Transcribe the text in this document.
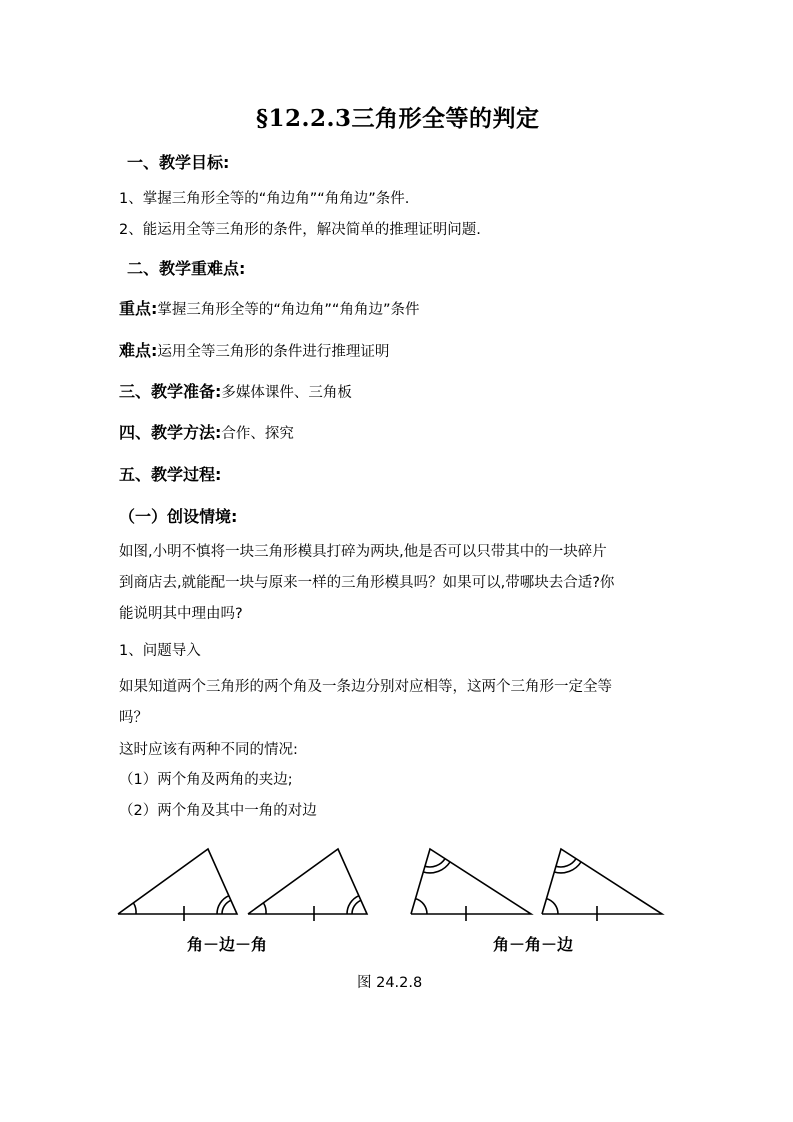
§12.2.3三角形全等的判定
一、教学目标:
1、掌握三角形全等的“角边角”“角角边”条件.
2、能运用全等三角形的条件，解决简单的推理证明问题.
二、教学重难点:
重点:掌握三角形全等的“角边角”“角角边”条件
难点:运用全等三角形的条件进行推理证明
三、教学准备:多媒体课件、三角板
四、教学方法:合作、探究
五、教学过程:
（一）创设情境:
如图,小明不慎将一块三角形模具打碎为两块,他是否可以只带其中的一块碎片
到商店去,就能配一块与原来一样的三角形模具吗？如果可以,带哪块去合适?你
能说明其中理由吗?
1、问题导入
如果知道两个三角形的两个角及一条边分别对应相等，这两个三角形一定全等
吗？
这时应该有两种不同的情况:
（1）两个角及两角的夹边;
（2）两个角及其中一角的对边
角－边－角	角－角－边
图 24.2.8
